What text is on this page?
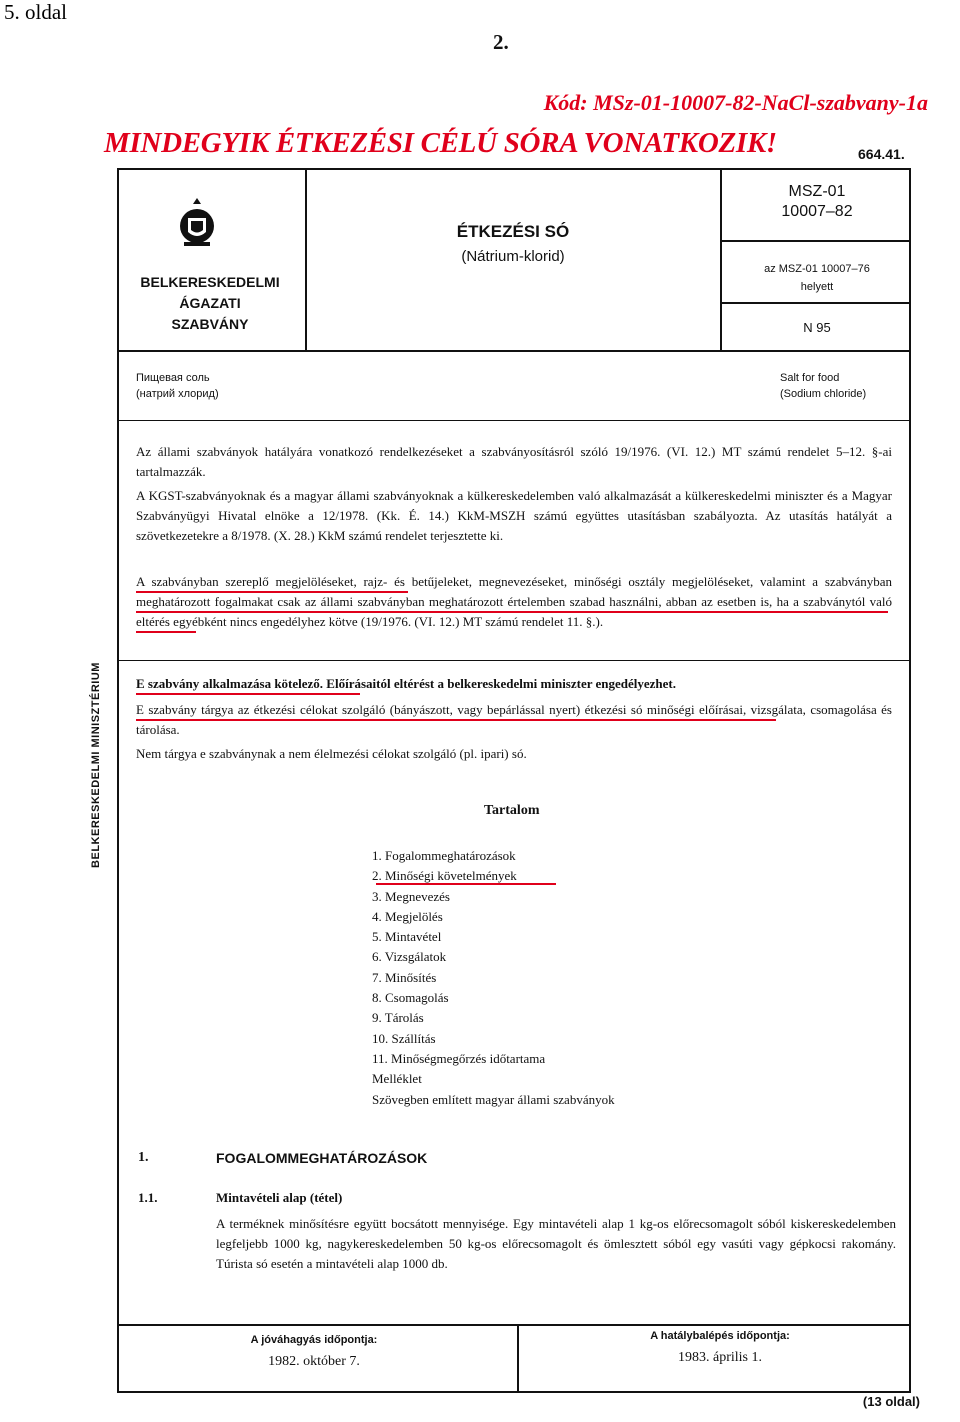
5. oldal
2.
Kód: MSz-01-10007-82-NaCl-szabvany-1a
MINDEGYIK ÉTKEZÉSI CÉLÚ SÓRA VONATKOZIK!	664.41.
BELKERESKEDELMI
ÁGAZATI
SZABVÁNY
ÉTKEZÉSI SÓ
(Nátrium-klorid)
MSZ-01
10007–82
az MSZ-01 10007–76
helyett
N 95
Пищевая соль
(натрий хлорид)
Salt for food
(Sodium chloride)
Az állami szabványok hatályára vonatkozó rendelkezéseket a szabványosításról szóló 19/1976. (VI. 12.) MT számú rendelet 5–12. §-ai tartalmazzák.
A KGST-szabványoknak és a magyar állami szabványoknak a külkereskedelemben való alkalmazását a külkereskedelmi miniszter és a Magyar Szabványügyi Hivatal elnöke a 12/1978. (Kk. É. 14.) KkM-MSZH számú együttes utasításban szabályozta. Az utasítás hatályát a szövetkezetekre a 8/1978. (X. 28.) KkM számú rendelet terjesztette ki.
A szabványban szereplő megjelöléseket, rajz- és betűjeleket, megnevezéseket, minőségi osztály megjelöléseket, valamint a szabványban meghatározott fogalmakat csak az állami szabványban meghatározott értelemben szabad használni, abban az esetben is, ha a szabványtól való eltérés egyébként nincs engedélyhez kötve (19/1976. (VI. 12.) MT számú rendelet 11. §.).
E szabvány alkalmazása kötelező. Előírásaitól eltérést a belkereskedelmi miniszter engedélyezhet.
E szabvány tárgya az étkezési célokat szolgáló (bányászott, vagy bepárlással nyert) étkezési só minőségi előírásai, vizsgálata, csomagolása és tárolása.
Nem tárgya e szabványnak a nem élelmezési célokat szolgáló (pl. ipari) só.
BELKERESKEDELMI MINISZTÉRIUM	Tartalom
1. Fogalommeghatározások
2. Minőségi követelmények
3. Megnevezés
4. Megjelölés
5. Mintavétel
6. Vizsgálatok
7. Minősítés
8. Csomagolás
9. Tárolás
10. Szállítás
11. Minőségmegőrzés időtartama
Melléklet
Szövegben említett magyar állami szabványok
1.	FOGALOMMEGHATÁROZÁSOK
1.1.	Mintavételi alap (tétel)
A terméknek minősítésre együtt bocsátott mennyisége. Egy mintavételi alap 1 kg-os előrecsomagolt sóból kiskereskedelemben legfeljebb 1000 kg, nagykereskedelemben 50 kg-os előrecsomagolt és ömlesztett sóból egy vasúti vagy gépkocsi rakomány. Túrista só esetén a mintavételi alap 1000 db.
A jóváhagyás időpontja:
1982. október 7.
A hatálybalépés időpontja:
1983. április 1.
(13 oldal)
